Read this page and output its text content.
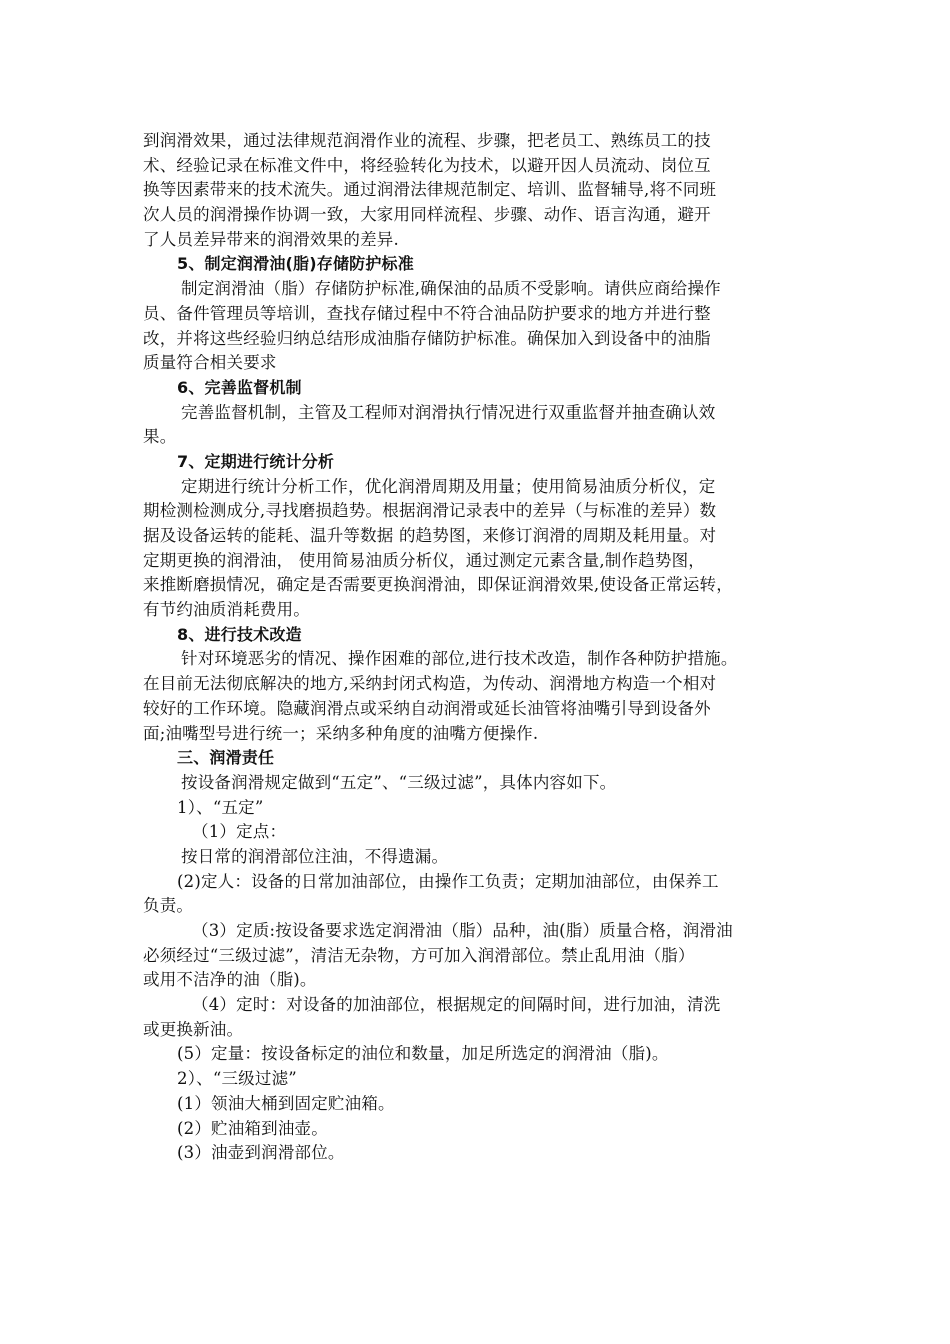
到润滑效果，通过法律规范润滑作业的流程、步骤，把老员工、熟练员工的技
术、经验记录在标准文件中，将经验转化为技术，以避开因人员流动、岗位互
换等因素带来的技术流失。通过润滑法律规范制定、培训、监督辅导,将不同班
次人员的润滑操作协调一致，大家用同样流程、步骤、动作、语言沟通，避开
了人员差异带来的润滑效果的差异.
5、制定润滑油(脂)存储防护标准
制定润滑油（脂）存储防护标准,确保油的品质不受影响。请供应商给操作
员、备件管理员等培训，查找存储过程中不符合油品防护要求的地方并进行整
改，并将这些经验归纳总结形成油脂存储防护标准。确保加入到设备中的油脂
质量符合相关要求
6、完善监督机制
完善监督机制，主管及工程师对润滑执行情况进行双重监督并抽查确认效
果。
7、定期进行统计分析
定期进行统计分析工作，优化润滑周期及用量；使用简易油质分析仪，定
期检测检测成分,寻找磨损趋势。根据润滑记录表中的差异（与标准的差异）数
据及设备运转的能耗、温升等数据 的趋势图，来修订润滑的周期及耗用量。对
定期更换的润滑油， 使用简易油质分析仪，通过测定元素含量,制作趋势图，
来推断磨损情况，确定是否需要更换润滑油，即保证润滑效果,使设备正常运转，
有节约油质消耗费用。
8、进行技术改造
针对环境恶劣的情况、操作困难的部位,进行技术改造，制作各种防护措施。
在目前无法彻底解决的地方,采纳封闭式构造，为传动、润滑地方构造一个相对
较好的工作环境。隐藏润滑点或采纳自动润滑或延长油管将油嘴引导到设备外
面;油嘴型号进行统一；采纳多种角度的油嘴方便操作.
三、润滑责任
按设备润滑规定做到“五定”、“三级过滤”，具体内容如下。
1）、“五定”
（1）定点：
按日常的润滑部位注油，不得遗漏。
(2)定人：设备的日常加油部位，由操作工负责；定期加油部位，由保养工
负责。
（3）定质:按设备要求选定润滑油（脂）品种，油(脂）质量合格，润滑油
必须经过“三级过滤”，清洁无杂物，方可加入润滑部位。禁止乱用油（脂）
或用不洁净的油（脂)。
（4）定时：对设备的加油部位，根据规定的间隔时间，进行加油，清洗
或更换新油。
(5）定量：按设备标定的油位和数量，加足所选定的润滑油（脂)。
2）、“三级过滤”
(1）领油大桶到固定贮油箱。
(2）贮油箱到油壶。
(3）油壶到润滑部位。
